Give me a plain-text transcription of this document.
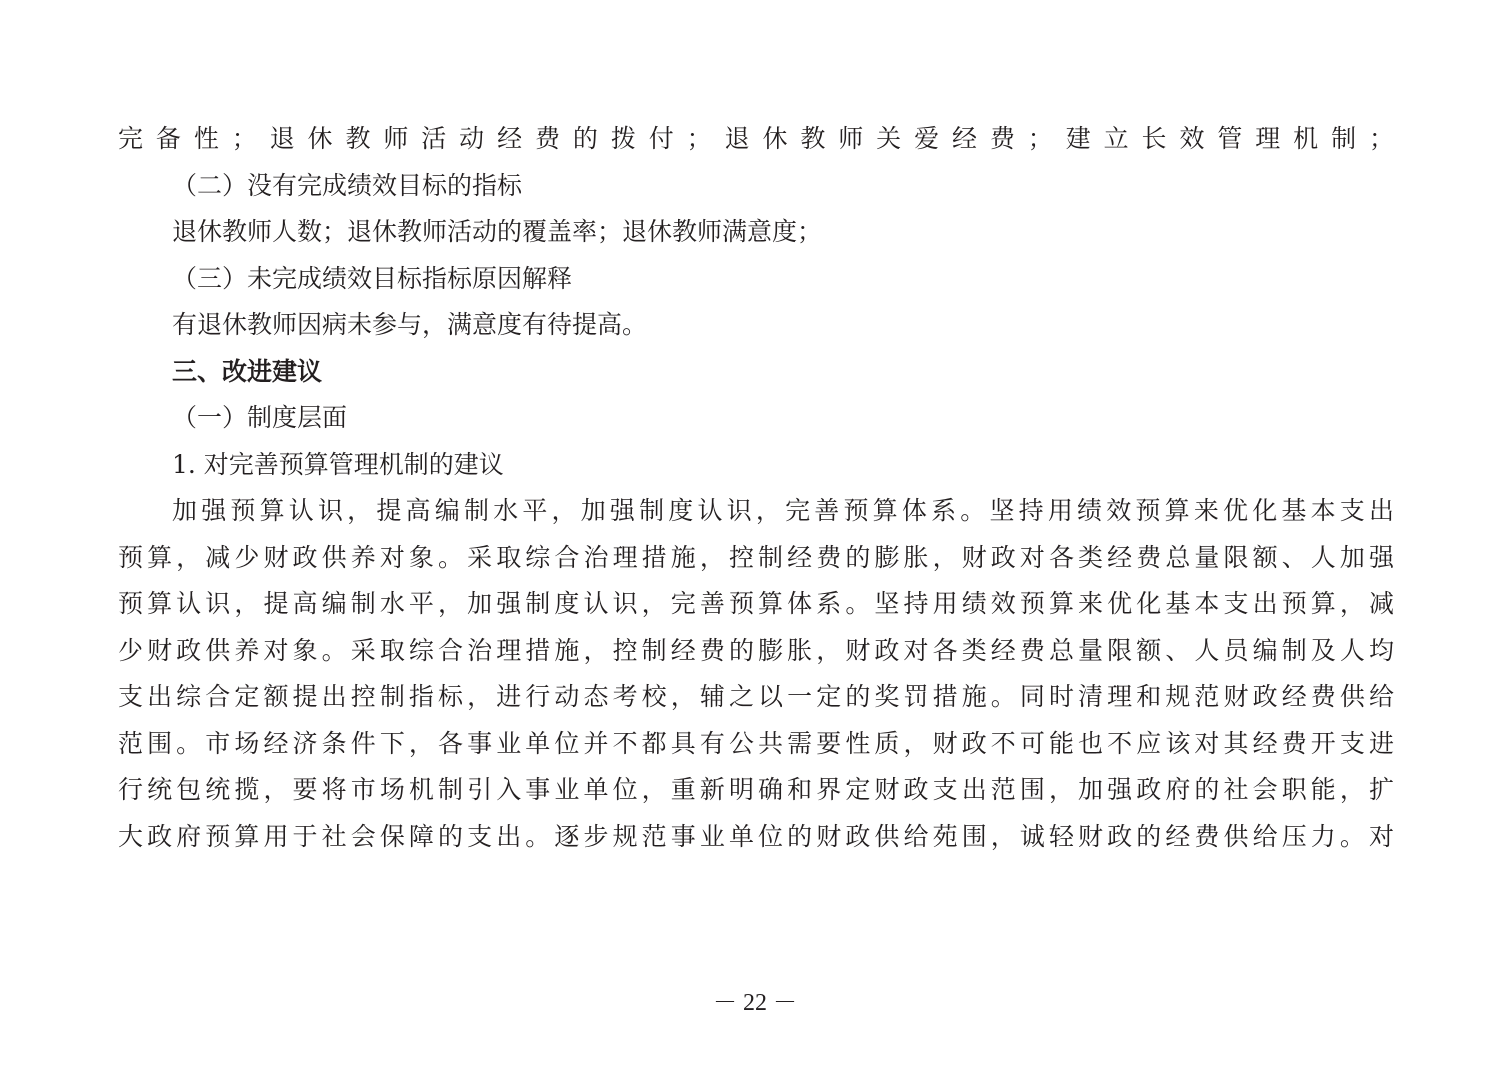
完备性；退休教师活动经费的拨付；退休教师关爱经费；建立长效管理机制；
（二）没有完成绩效目标的指标
退休教师人数；退休教师活动的覆盖率；退休教师满意度；
（三）未完成绩效目标指标原因解释
有退休教师因病未参与，满意度有待提高。
三、改进建议
（一）制度层面
1. 对完善预算管理机制的建议
加强预算认识，提高编制水平，加强制度认识，完善预算体系。坚持用绩效预算来优化基本支出
预算，减少财政供养对象。采取综合治理措施，控制经费的膨胀，财政对各类经费总量限额、人加强
预算认识，提高编制水平，加强制度认识，完善预算体系。坚持用绩效预算来优化基本支出预算，减
少财政供养对象。采取综合治理措施，控制经费的膨胀，财政对各类经费总量限额、人员编制及人均
支出综合定额提出控制指标，进行动态考校，辅之以一定的奖罚措施。同时清理和规范财政经费供给
范围。市场经济条件下，各事业单位并不都具有公共需要性质，财政不可能也不应该对其经费开支进
行统包统揽，要将市场机制引入事业单位，重新明确和界定财政支出范围，加强政府的社会职能，扩
大政府预算用于社会保障的支出。逐步规范事业单位的财政供给苑围，诚轻财政的经费供给压力。对
－ 22 －
